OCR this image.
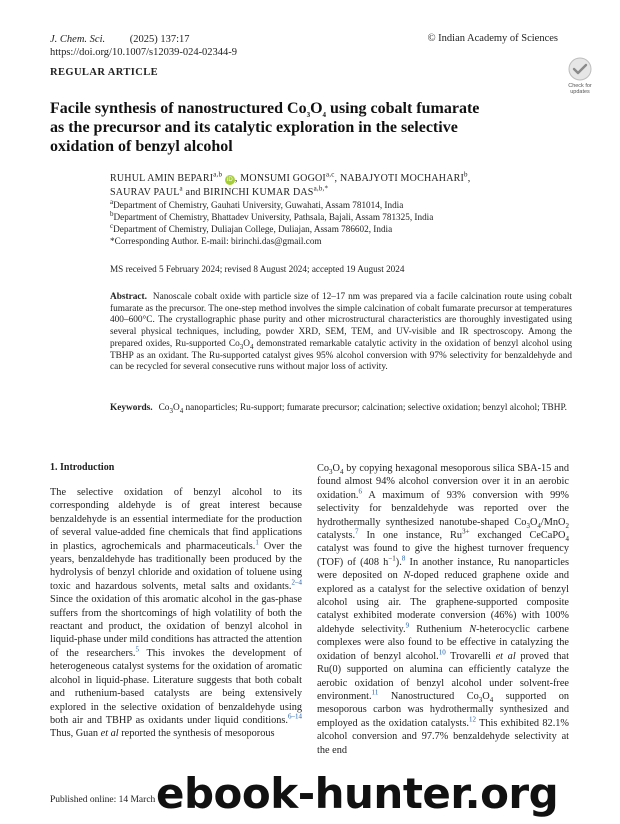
J. Chem. Sci. (2025) 137:17
https://doi.org/10.1007/s12039-024-02344-9
© Indian Academy of Sciences
REGULAR ARTICLE
Check for updates
Facile synthesis of nanostructured $Co_3O_4$ using cobalt fumarate
as the precursor and its catalytic exploration in the selective
oxidation of benzyl alcohol
RUHUL AMIN BEPARI$^{a,b}$ iD , MONSUMI GOGOI$^{a,c}$, NABAJYOTI MOCHAHARI$^b$,
SAURAV PAUL$^a$ and BIRINCHI KUMAR $DAS^{a,b,*}$
$^a$Department of Chemistry, Gauhati University, Guwahati, Assam 781014, India
$^b$Department of Chemistry, Bhattadev University, Pathsala, Bajali, Assam 781325, India
$^c$Department of Chemistry, Duliajan College, Duliajan, Assam 786602, India
*Corresponding Author. E-mail: birinchi.das@gmail.com
MS received 5 February 2024; revised 8 August 2024; accepted 19 August 2024
Abstract. Nanoscale cobalt oxide with particle size of 12–17 nm was prepared via a facile calcination route using cobalt fumarate as the precursor. The one-step method involves the simple calcination of cobalt fumarate precursor at temperatures 400–600°C. The crystallographic phase purity and other microstructural characteristics are thoroughly investigated using several physical techniques, including, powder XRD, SEM, TEM, and UV-visible and IR spectroscopy. Among the prepared oxides, Ru-supported $Co_3O_4$ demonstrated remarkable catalytic activity in the oxidation of benzyl alcohol using TBHP as an oxidant. The Ru-supported catalyst gives 95% alcohol conversion with 97% selectivity for benzaldehyde and can be recycled for several consecutive runs without major loss of activity.
Keywords. $Co_3O_4$ nanoparticles; Ru-support; fumarate precursor; calcination; selective oxidation; benzyl alcohol; TBHP.
1. Introduction
The selective oxidation of benzyl alcohol to its corresponding aldehyde is of great interest because benzaldehyde is an essential intermediate for the production of several value-added fine chemicals that find applications in plastics, agrochemicals and pharmaceuticals.$^1$ Over the years, benzaldehyde has traditionally been produced by the hydrolysis of benzyl chloride and oxidation of toluene using toxic and hazardous solvents, metal salts and oxidants.$^{2-4}$ Since the oxidation of this aromatic alcohol in the gas-phase suffers from the shortcomings of high volatility of both the reactant and product, the oxidation of benzyl alcohol in liquid-phase under mild conditions has attracted the attention of the researchers.$^5$ This invokes the development of heterogeneous catalyst systems for the oxidation of aromatic alcohol in liquid-phase. Literature suggests that both cobalt and ruthenium-based catalysts are being extensively explored in the selective oxidation of benzaldehyde using both air and TBHP as oxidants under liquid conditions.$^{6-14}$ Thus, Guan et al reported the synthesis of mesoporous
$Co_3O_4$ by copying hexagonal mesoporous silica SBA-15 and found almost 94% alcohol conversion over it in an aerobic oxidation.$^6$ A maximum of 93% conversion with 99% selectivity for benzaldehyde was reported over the hydrothermally synthesized nanotube-shaped $Co_3O_4/MnO_2$ catalysts.$^7$ In one instance, $Ru^{3+}$ exchanged CeCaPO$_4$ catalyst was found to give the highest turnover frequency (TOF) of (408 $h^{-1}).^8$ In another instance, Ru nanoparticles were deposited on N-doped reduced graphene oxide and explored as a catalyst for the selective oxidation of benzyl alcohol using air. The graphene-supported composite catalyst exhibited moderate conversion (46%) with 100% aldehyde selectivity.$^9$ Ruthenium N-heterocyclic carbene complexes were also found to be effective in catalyzing the oxidation of benzyl alcohol.$^{10}$ Trovarelli et al proved that Ru(0) supported on alumina can efficiently catalyze the aerobic oxidation of benzyl alcohol under solvent-free environment.$^{11}$ Nanostructured $Co_3O_4$ supported on mesoporous carbon was hydrothermally synthesized and employed as the oxidation catalysts.$^{12}$ This exhibited 82.1% alcohol conversion and 97.7% benzaldehyde selectivity at the end
Published online: 14 March ebook-hunter.org
